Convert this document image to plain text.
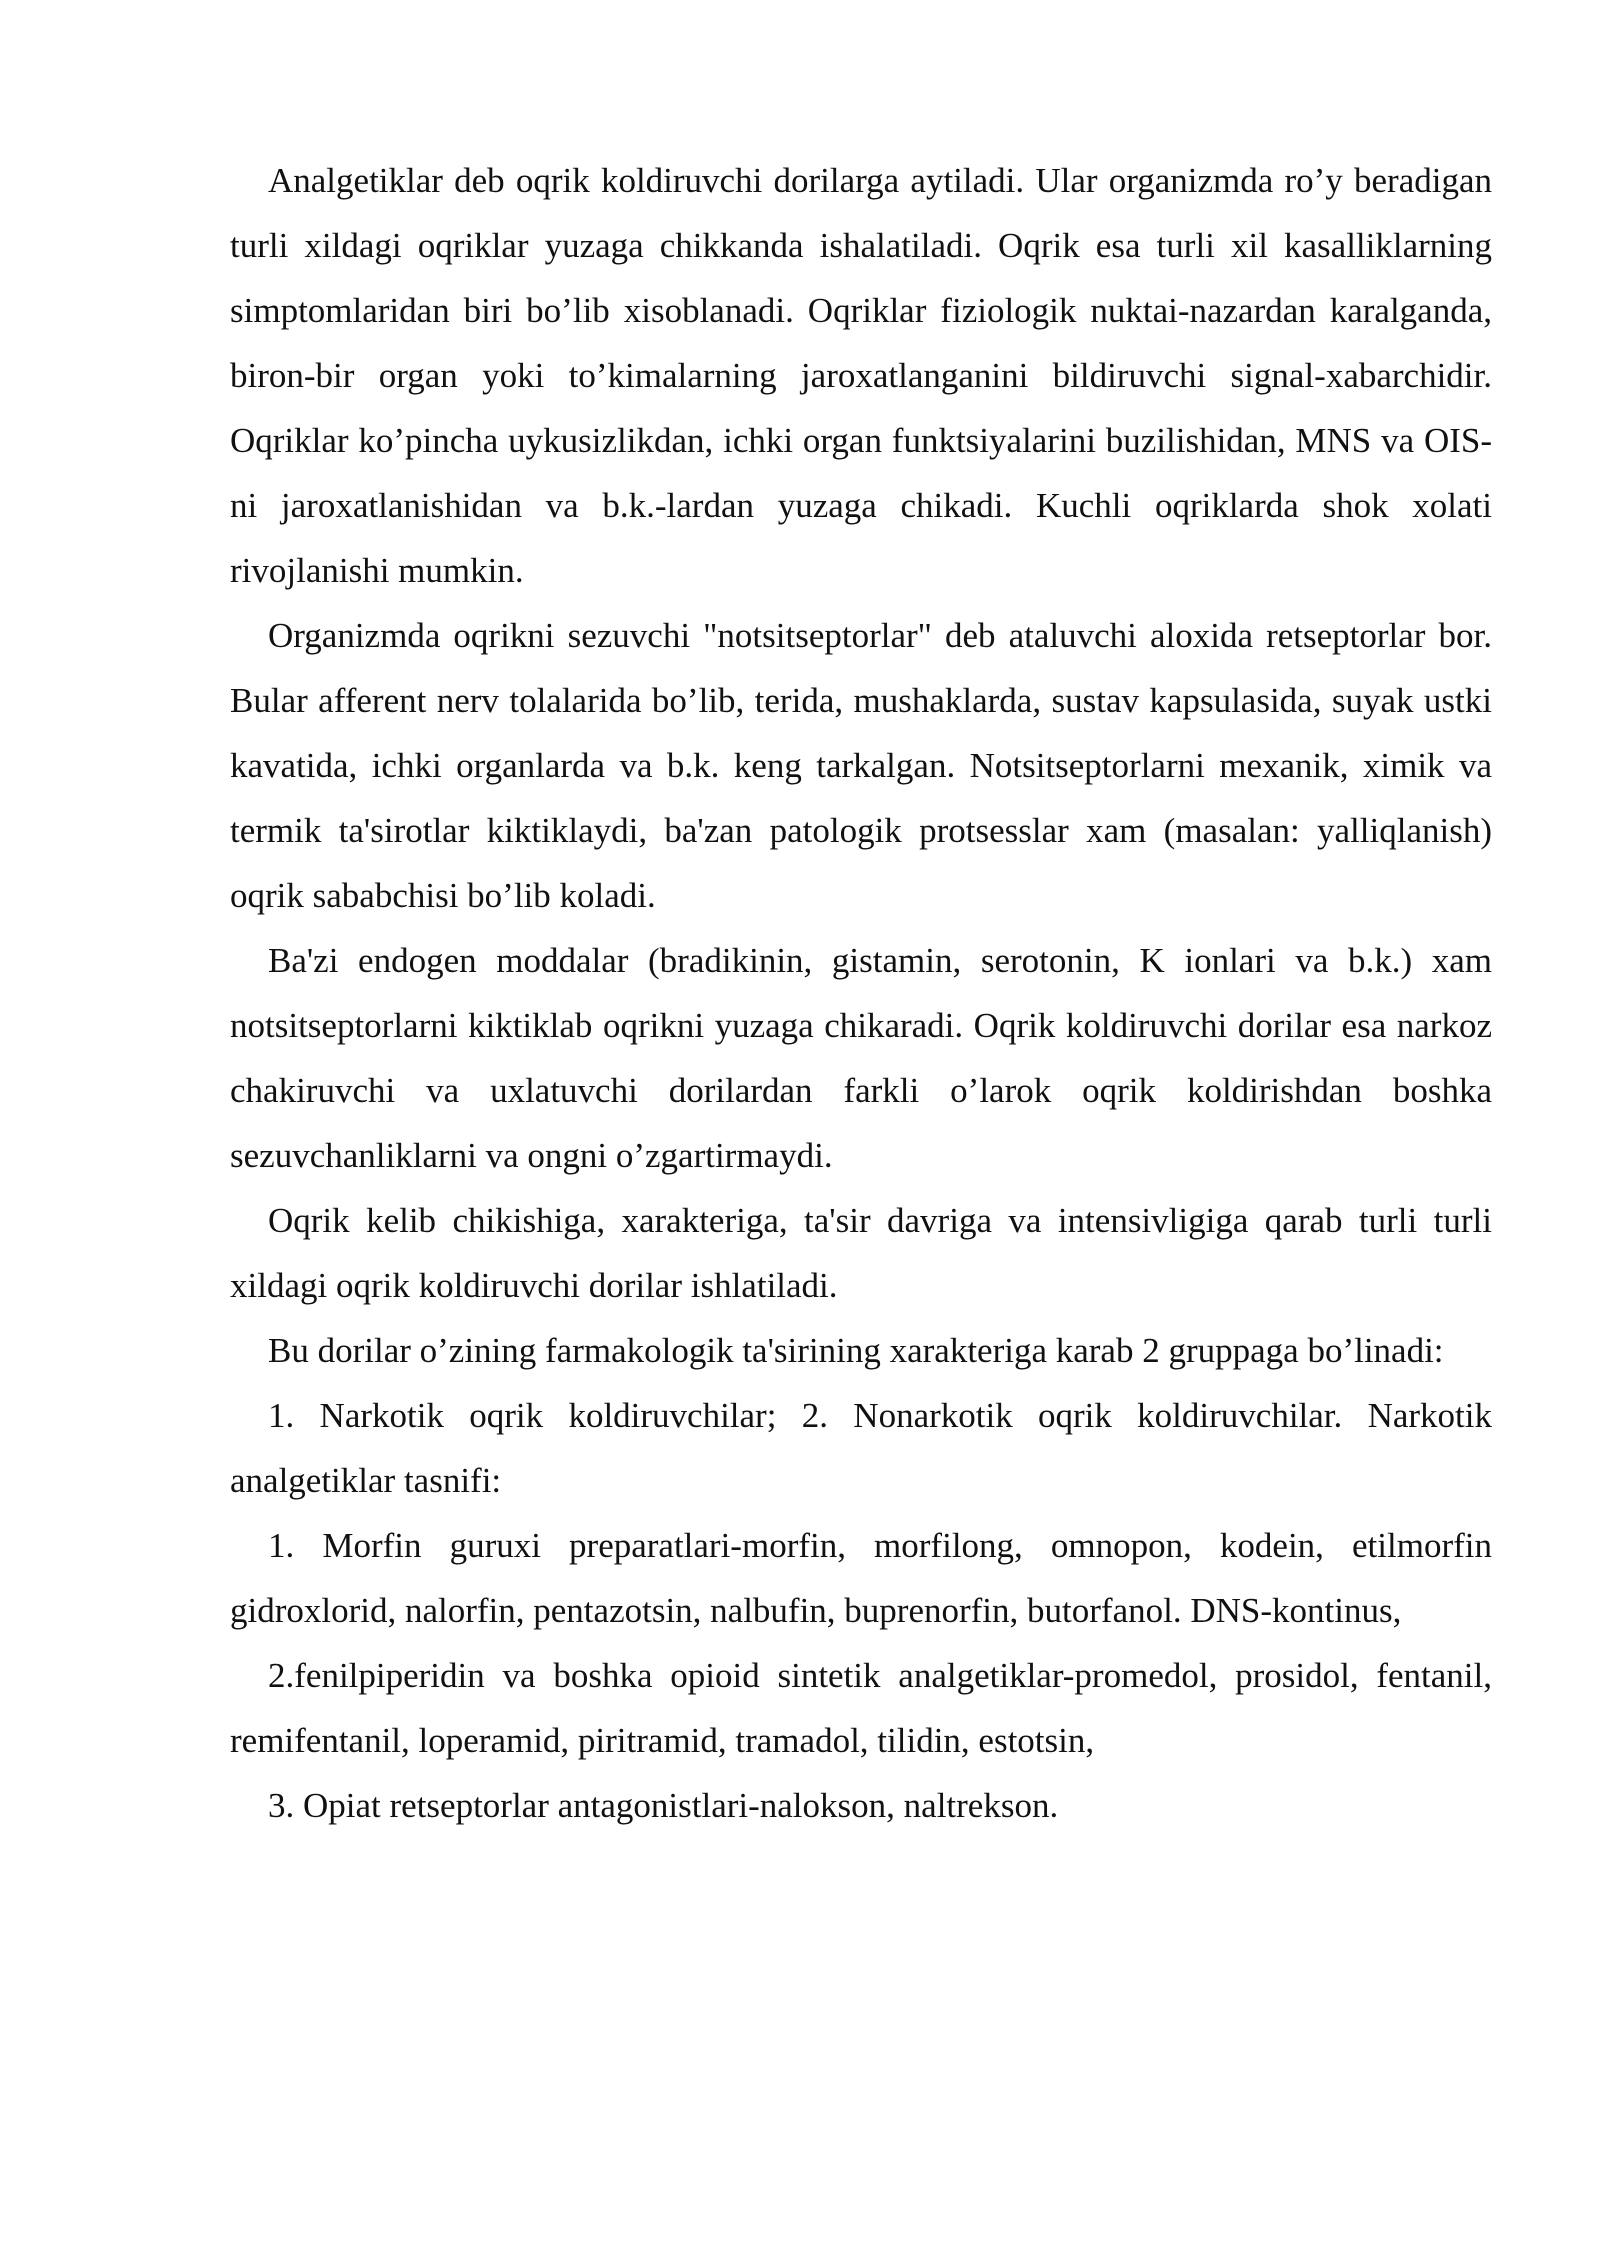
Analgetiklar deb oqrik koldiruvchi dorilarga aytiladi. Ular organizmda ro’y beradigan turli xildagi oqriklar yuzaga chikkanda ishalatiladi. Oqrik esa turli xil kasalliklarning simptomlaridan biri bo’lib xisoblanadi. Oqriklar fiziologik nuktai-nazardan karalganda, biron-bir organ yoki to’kimalarning jaroxatlanganini bildiruvchi signal-xabarchidir. Oqriklar ko’pincha uykusizlikdan, ichki organ funktsiyalarini buzilishidan, MNS va OIS-ni jaroxatlanishidan va b.k.-lardan yuzaga chikadi. Kuchli oqriklarda shok xolati rivojlanishi mumkin.

Organizmda oqrikni sezuvchi "notsitseptorlar" deb ataluvchi aloxida retseptorlar bor. Bular afferent nerv tolalarida bo’lib, terida, mushaklarda, sustav kapsulasida, suyak ustki kavatida, ichki organlarda va b.k. keng tarkalgan. Notsitseptorlarni mexanik, ximik va termik ta'sirotlar kiktiklaydi, ba'zan patologik protsesslar xam (masalan: yalliqlanish) oqrik sababchisi bo’lib koladi.

Ba'zi endogen moddalar (bradikinin, gistamin, serotonin, K ionlari va b.k.) xam notsitseptorlarni kiktiklab oqrikni yuzaga chikaradi. Oqrik koldiruvchi dorilar esa narkoz chakiruvchi va uxlatuvchi dorilardan farkli o’larok oqrik koldirishdan boshka sezuvchanliklarni va ongni o’zgartirmaydi.

Oqrik kelib chikishiga, xarakteriga, ta'sir davriga va intensivligiga qarab turli turli xildagi oqrik koldiruvchi dorilar ishlatiladi.

Bu dorilar o’zining farmakologik ta'sirining xarakteriga karab 2 gruppaga bo’linadi:

1. Narkotik oqrik koldiruvchilar; 2. Nonarkotik oqrik koldiruvchilar. Narkotik analgetiklar tasnifi:

1. Morfin guruxi preparatlari-morfin, morfilong, omnopon, kodein, etilmorfin gidroxlorid, nalorfin, pentazotsin, nalbufin, buprenorfin, butorfanol. DNS-kontinus,

2.fenilpiperidin va boshka opioid sintetik analgetiklar-promedol, prosidol, fentanil, remifentanil, loperamid, piritramid, tramadol, tilidin, estotsin,

3. Opiat retseptorlar antagonistlari-nalokson, naltrekson.
